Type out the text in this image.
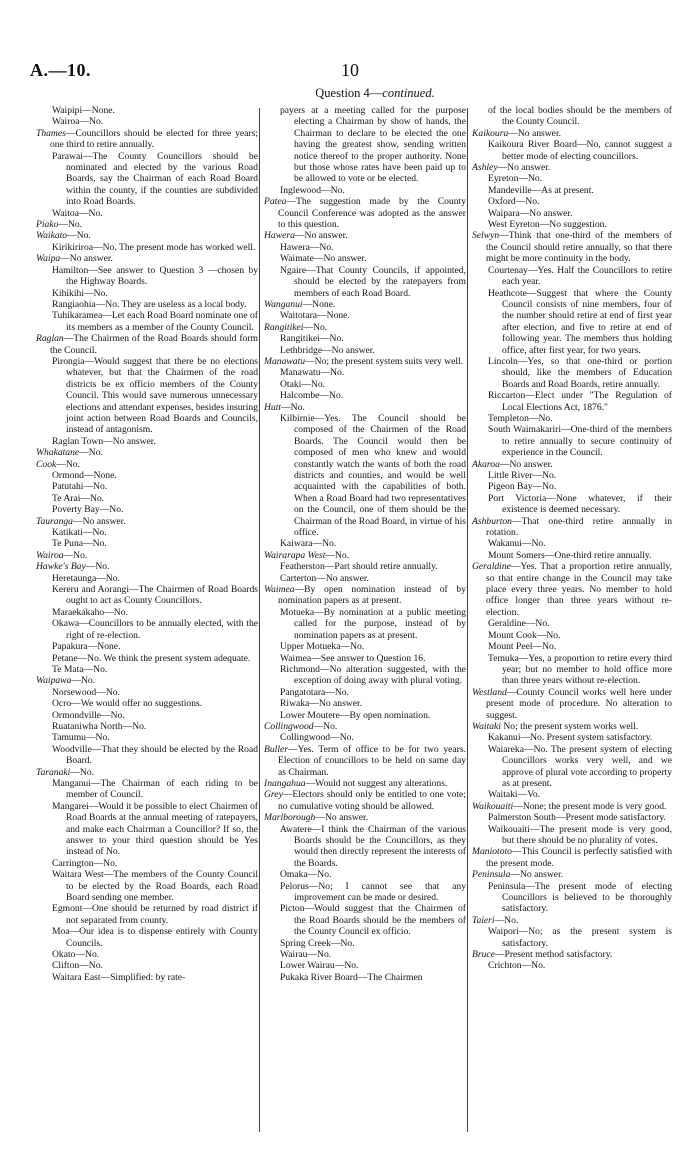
A.—10.	10
Question 4—continued.
Waipipi—None.
Wairoa—No.
Thames—Councillors should be elected for three years; one third to retire annually.
Parawai—The County Councillors should be nominated and elected by the various Road Boards, say the Chairman of each Road Board within the county, if the counties are subdivided into Road Boards.
Waitoa—No.
Piako—No.
Waikato—No.
Kirikiriroa—No. The present mode has worked well.
Waipa—No answer.
Hamilton—See answer to Question 3 —chosen by the Highway Boards.
Kihikihi—No.
Rangiaohia—No. They are useless as a local body.
Tuhikaramea—Let each Road Board nominate one of its members as a member of the County Council.
Raglan—The Chairmen of the Road Boards should form the Council.
Pirongia—Would suggest that there be no elections whatever, but that the Chairmen of the road districts be ex officio members of the County Council. This would save numerous unnecessary elections and attendant expenses, besides insuring joint action between Road Boards and Councils, instead of antagonism.
Raglan Town—No answer.
Whakatane—No.
Cook—No.
Ormond—None.
Patutahi—No.
Te Arai—No.
Poverty Bay—No.
Tauranga—No answer.
Katikati—No.
Te Puna—No.
Wairoa—No.
Hawke's Bay—No.
Heretaunga—No.
Kereru and Aorangi—The Chairmen of Road Boards ought to act as County Councillors.
Maraekakaho—No.
Okawa—Councillors to be annually elected, with the right of re-election.
Papakura—None.
Petane—No. We think the present system adequate.
Te Mata—No.
Waipawa—No.
Norsewood—No.
Ocro—We would offer no suggestions.
Ormondville—No.
Ruataniwha North—No.
Tamumu—No.
Woodville—That they should be elected by the Road Board.
Taranaki—No.
Manganui—The Chairman of each riding to be member of Council.
Mangarei—Would it be possible to elect Chairmen of Road Boards at the annual meeting of ratepayers, and make each Chairman a Councillor? If so, the answer to your third question should be Yes instead of No.
Carrington—No.
Waitara West—The members of the County Council to be elected by the Road Boards, each Road Board sending one member.
Egmont—One should be returned by road district if not separated from county.
Moa—Our idea is to dispense entirely with County Councils.
Okato—No.
Clifton—No.
Waitara East—Simplified: by rate-
payers at a meeting called for the purpose electing a Chairman by show of hands, the Chairman to declare to be elected the one having the greatest show, sending written notice thereof to the proper authority. None but those whose rates have been paid up to be allowed to vote or be elected.
Inglewood—No.
Patea—The suggestion made by the County Council Conference was adopted as the answer to this question.
Hawera—No answer.
Hawera—No.
Waimate—No answer.
Ngaire—That County Councils, if appointed, should be elected by the ratepayers from members of each Road Board.
Wanganui—None.
Waitotara—None.
Rangitikei—No.
Rangitikei—No.
Lethbridge—No answer.
Manawatu—No; the present system suits very well.
Manawatu—No.
Otaki—No.
Halcombe—No.
Hutt—No.
Kilbirnie—Yes. The Council should be composed of the Chairmen of the Road Boards. The Council would then be composed of men who knew and would constantly watch the wants of both the road districts and counties, and would be well acquainted with the capabilities of both. When a Road Board had two representatives on the Council, one of them should be the Chairman of the Road Board, in virtue of his office.
Kaiwara—No.
Wairarapa West—No.
Featherston—Part should retire annually.
Carterton—No answer.
Waimea—By open nomination instead of by nomination papers as at present.
Motueka—By nomination at a public meeting called for the purpose, instead of by nomination papers as at present.
Upper Motueka—No.
Waimea—See answer to Question 16.
Richmond—No alteration suggested, with the exception of doing away with plural voting.
Pangatotara—No.
Riwaka—No answer.
Lower Moutere—By open nomination.
Collingwood—No.
Collingwood—No.
Buller—Yes. Term of office to be for two years. Election of councillors to be held on same day as Chairman.
Inangahua—Would not suggest any alterations.
Grey—Electors should only be entitled to one vote; no cumulative voting should be allowed.
Marlborough—No answer.
Awatere—I think the Chairman of the various Boards should be the Councillors, as they would then directly represent the interests of the Boards.
Omaka—No.
Pelorus—No; I cannot see that any improvement can be made or desired.
Picton—Would suggest that the Chairmen of the Road Boards should be the members of the County Council ex officio.
Spring Creek—No.
Wairau—No.
Lower Wairau—No.
Pukaka River Board—The Chairmen
of the local bodies should be the members of the County Council.
Kaikoura—No answer.
Kaikoura River Board—No, cannot suggest a better mode of electing councillors.
Ashley—No answer.
Eyreton—No.
Mandeville—As at present.
Oxford—No.
Waipara—No answer.
West Eyreton—No suggestion.
Selwyn—Think that one-third of the members of the Council should retire annually, so that there might be more continuity in the body.
Courtenay—Yes. Half the Councillors to retire each year.
Heathcote—Suggest that where the County Council consists of nine members, four of the number should retire at end of first year after election, and five to retire at end of following year. The members thus holding office, after first year, for two years.
Lincoln—Yes, so that one-third or portion should, like the members of Education Boards and Road Boards, retire annually.
Riccarton—Elect under "The Regulation of Local Elections Act, 1876."
Templeton—No.
South Waimakariri—One-third of the members to retire annually to secure continuity of experience in the Council.
Akaroa—No answer.
Little River—No.
Pigeon Bay—No.
Port Victoria—None whatever, if their existence is deemed necessary.
Ashburton—That one-third retire annually in rotation.
Wakanui—No.
Mount Somers—One-third retire annually.
Geraldine—Yes. That a proportion retire annually, so that entire change in the Council may take place every three years. No member to hold office longer than three years without re-election.
Geraldine—No.
Mount Cook—No.
Mount Peel—No.
Temuka—Yes, a proportion to retire every third year; but no member to hold office more than three years without re-election.
Westland—County Council works well here under present mode of procedure. No alteration to suggest.
Waitaki No; the present system works well.
Kakanui—No. Present system satisfactory.
Waiareka—No. The present system of electing Councillors works very well, and we approve of plural vote according to property as at present.
Waitaki—Vo.
Waikouaiti—None; the present mode is very good.
Palmerston South—Present mode satisfactory.
Waikouaiti—The present mode is very good, but there should be no plurality of votes.
Maniototo—This Council is perfectly satisfied with the present mode.
Peninsula—No answer.
Peninsula—The present mode of electing Councillors is believed to be thoroughly satisfactory.
Taieri—No.
Waipori—No; as the present system is satisfactory.
Bruce—Present method satisfactory.
Crichton—No.
